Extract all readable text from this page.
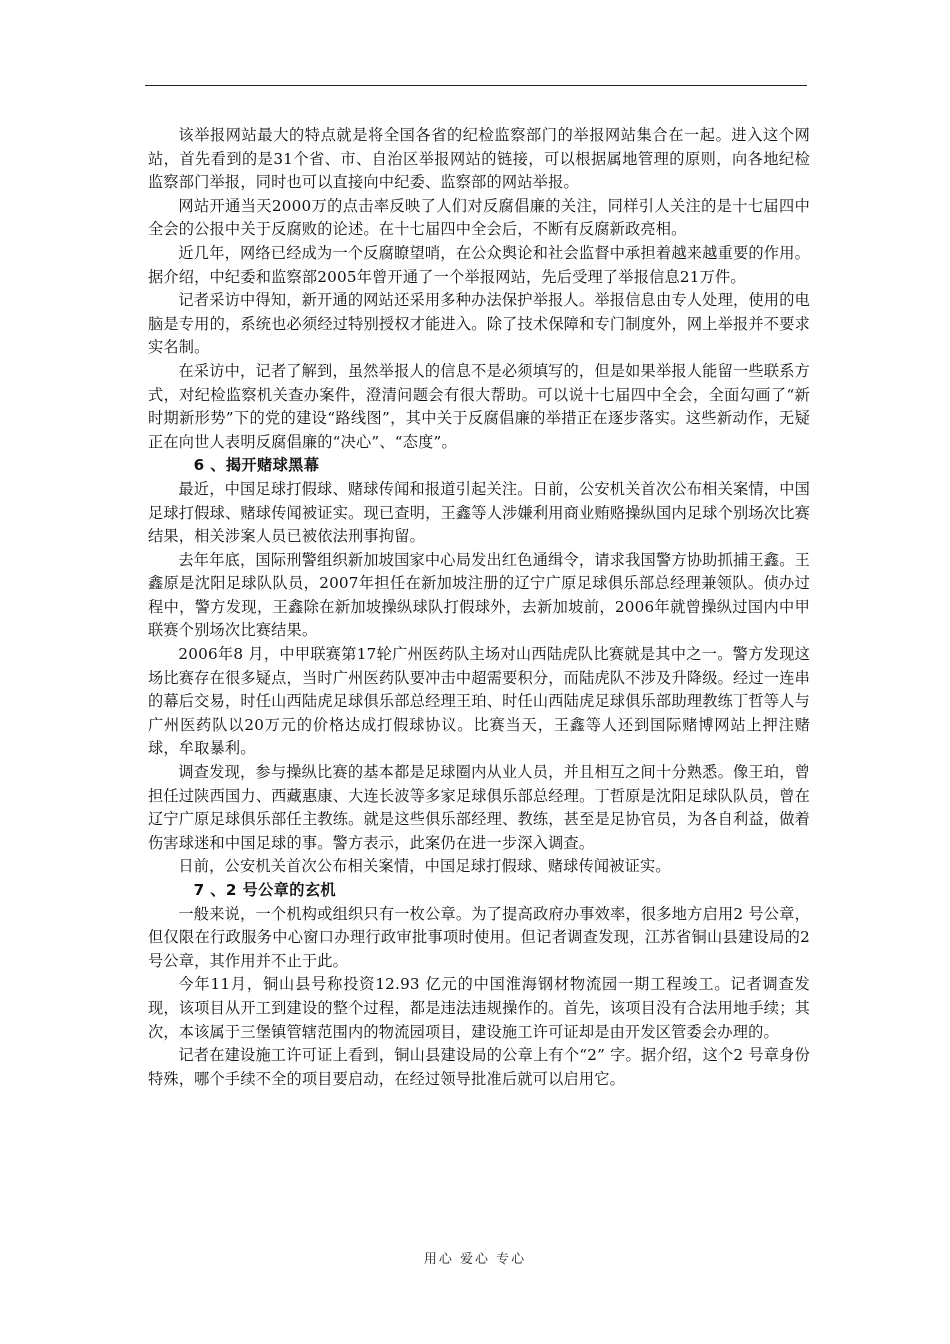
该举报网站最大的特点就是将全国各省的纪检监察部门的举报网站集合在一起。进入这个网站，首先看到的是31个省、市、自治区举报网站的链接，可以根据属地管理的原则，向各地纪检监察部门举报，同时也可以直接向中纪委、监察部的网站举报。

网站开通当天2000万的点击率反映了人们对反腐倡廉的关注，同样引人关注的是十七届四中全会的公报中关于反腐败的论述。在十七届四中全会后，不断有反腐新政亮相。

近几年，网络已经成为一个反腐瞭望哨，在公众舆论和社会监督中承担着越来越重要的作用。据介绍，中纪委和监察部2005年曾开通了一个举报网站，先后受理了举报信息21万件。

记者采访中得知，新开通的网站还采用多种办法保护举报人。举报信息由专人处理，使用的电脑是专用的，系统也必须经过特别授权才能进入。除了技术保障和专门制度外，网上举报并不要求实名制。

在采访中，记者了解到，虽然举报人的信息不是必须填写的，但是如果举报人能留一些联系方式，对纪检监察机关查办案件，澄清问题会有很大帮助。可以说十七届四中全会，全面勾画了“新时期新形势”下的党的建设“路线图”，其中关于反腐倡廉的举措正在逐步落实。这些新动作，无疑正在向世人表明反腐倡廉的“决心”、“态度”。

6 、揭开赌球黑幕

最近，中国足球打假球、赌球传闻和报道引起关注。日前，公安机关首次公布相关案情，中国足球打假球、赌球传闻被证实。现已查明，王鑫等人涉嫌利用商业贿赂操纵国内足球个别场次比赛结果，相关涉案人员已被依法刑事拘留。

去年年底，国际刑警组织新加坡国家中心局发出红色通缉令，请求我国警方协助抓捕王鑫。王鑫原是沈阳足球队队员，2007年担任在新加坡注册的辽宁广原足球俱乐部总经理兼领队。侦办过程中，警方发现，王鑫除在新加坡操纵球队打假球外，去新加坡前，2006年就曾操纵过国内中甲联赛个别场次比赛结果。

2006年8 月，中甲联赛第17轮广州医药队主场对山西陆虎队比赛就是其中之一。警方发现这场比赛存在很多疑点，当时广州医药队要冲击中超需要积分，而陆虎队不涉及升降级。经过一连串的幕后交易，时任山西陆虎足球俱乐部总经理王珀、时任山西陆虎足球俱乐部助理教练丁哲等人与广州医药队以20万元的价格达成打假球协议。比赛当天，王鑫等人还到国际赌博网站上押注赌球，牟取暴利。

调查发现，参与操纵比赛的基本都是足球圈内从业人员，并且相互之间十分熟悉。像王珀，曾担任过陕西国力、西藏惠康、大连长波等多家足球俱乐部总经理。丁哲原是沈阳足球队队员，曾在辽宁广原足球俱乐部任主教练。就是这些俱乐部经理、教练，甚至是足协官员，为各自利益，做着伤害球迷和中国足球的事。警方表示，此案仍在进一步深入调查。

日前，公安机关首次公布相关案情，中国足球打假球、赌球传闻被证实。

7 、2 号公章的玄机

一般来说，一个机构或组织只有一枚公章。为了提高政府办事效率，很多地方启用2 号公章，但仅限在行政服务中心窗口办理行政审批事项时使用。但记者调查发现，江苏省铜山县建设局的2 号公章，其作用并不止于此。

今年11月，铜山县号称投资12.93 亿元的中国淮海钢材物流园一期工程竣工。记者调查发现，该项目从开工到建设的整个过程，都是违法违规操作的。首先，该项目没有合法用地手续；其次，本该属于三堡镇管辖范围内的物流园项目，建设施工许可证却是由开发区管委会办理的。

记者在建设施工许可证上看到，铜山县建设局的公章上有个“2” 字。据介绍，这个2 号章身份特殊，哪个手续不全的项目要启动，在经过领导批准后就可以启用它。

用心 爱心 专心
